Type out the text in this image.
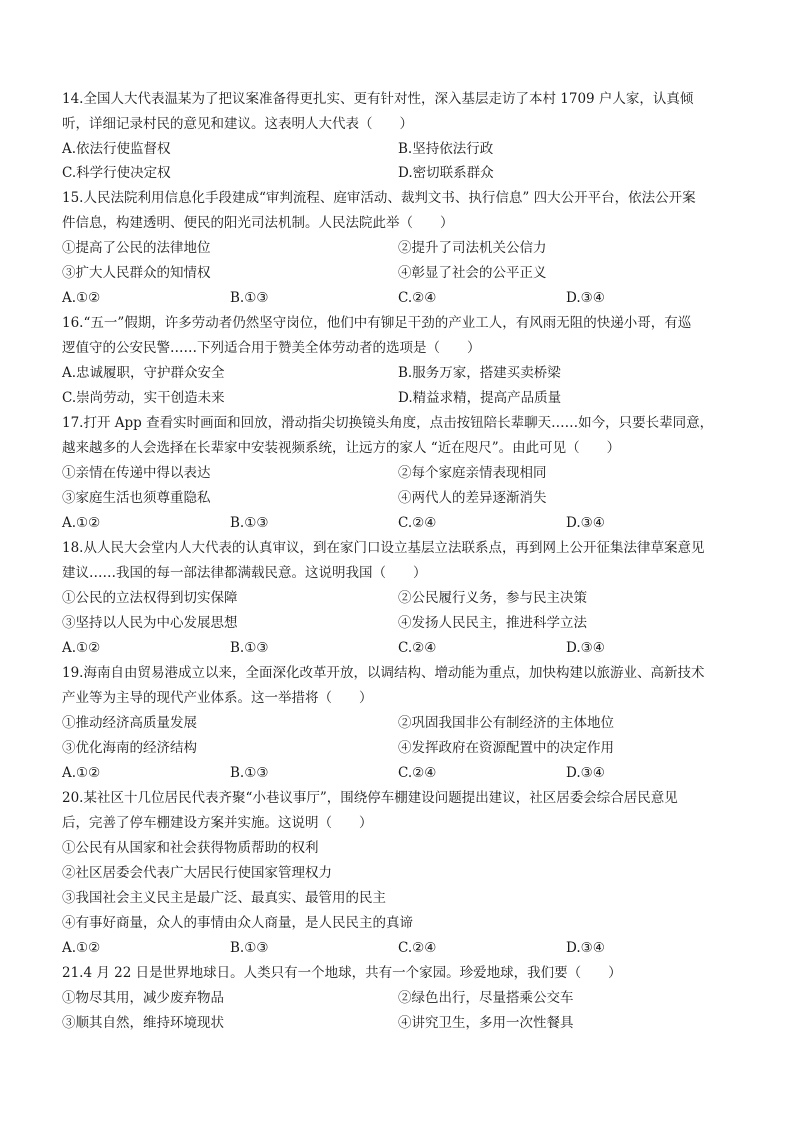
14.全国人大代表温某为了把议案准备得更扎实、更有针对性，深入基层走访了本村 1709 户人家，认真倾
听，详细记录村民的意见和建议。这表明人大代表（　　）
A.依法行使监督权	B.坚持依法行政
C.科学行使决定权	D.密切联系群众
15.人民法院利用信息化手段建成“审判流程、庭审活动、裁判文书、执行信息” 四大公开平台，依法公开案
件信息，构建透明、便民的阳光司法机制。人民法院此举（　　）
①提高了公民的法律地位	②提升了司法机关公信力
③扩大人民群众的知情权	④彰显了社会的公平正义
A.①②	B.①③	C.②④	D.③④
16.“五一”假期，许多劳动者仍然坚守岗位，他们中有铆足干劲的产业工人，有风雨无阻的快递小哥，有巡
逻值守的公安民警……下列适合用于赞美全体劳动者的选项是（　　）
A.忠诚履职，守护群众安全	B.服务万家，搭建买卖桥梁
C.崇尚劳动，实干创造未来	D.精益求精，提高产品质量
17.打开 App 查看实时画面和回放，滑动指尖切换镜头角度，点击按钮陪长辈聊天……如今，只要长辈同意，
越来越多的人会选择在长辈家中安装视频系统，让远方的家人 “近在咫尺”。由此可见（　　）
①亲情在传递中得以表达	②每个家庭亲情表现相同
③家庭生活也须尊重隐私	④两代人的差异逐渐消失
A.①②	B.①③	C.②④	D.③④
18.从人民大会堂内人大代表的认真审议，到在家门口设立基层立法联系点，再到网上公开征集法律草案意见
建议……我国的每一部法律都满载民意。这说明我国（　　）
①公民的立法权得到切实保障	②公民履行义务，参与民主决策
③坚持以人民为中心发展思想	④发扬人民民主，推进科学立法
A.①②	B.①③	C.②④	D.③④
19.海南自由贸易港成立以来，全面深化改革开放，以调结构、增动能为重点，加快构建以旅游业、高新技术
产业等为主导的现代产业体系。这一举措将（　　）
①推动经济高质量发展	②巩固我国非公有制经济的主体地位
③优化海南的经济结构	④发挥政府在资源配置中的决定作用
A.①②	B.①③	C.②④	D.③④
20.某社区十几位居民代表齐聚“小巷议事厅”，围绕停车棚建设问题提出建议，社区居委会综合居民意见
后，完善了停车棚建设方案并实施。这说明（　　）
①公民有从国家和社会获得物质帮助的权利
②社区居委会代表广大居民行使国家管理权力
③我国社会主义民主是最广泛、最真实、最管用的民主
④有事好商量，众人的事情由众人商量，是人民民主的真谛
A.①②	B.①③	C.②④	D.③④
21.4 月 22 日是世界地球日。人类只有一个地球，共有一个家园。珍爱地球，我们要（　　）
①物尽其用，减少废弃物品	②绿色出行，尽量搭乘公交车
③顺其自然，维持环境现状	④讲究卫生，多用一次性餐具
